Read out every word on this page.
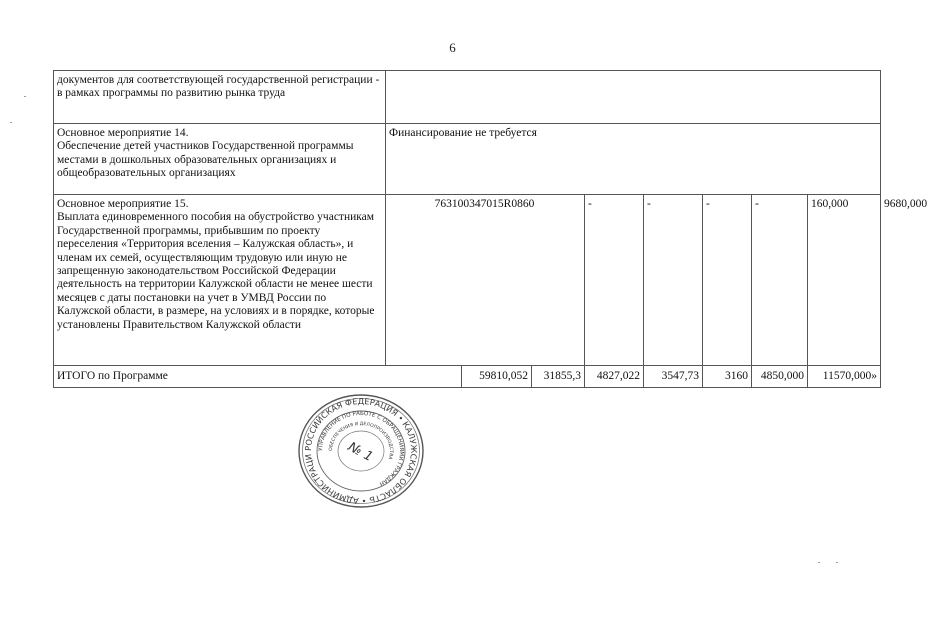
6
документов для соответствующей государственной регистрации - в рамках программы по развитию рынка труда									

Основное мероприятие 14.
Обеспечение детей участников Государственной программы местами в дошкольных образовательных организациях и общеобразовательных организациях	Финансирование не требуется								

Основное мероприятие 15.
Выплата единовременного пособия на обустройство участникам Государственной программы, прибывшим по проекту переселения «Территория вселения – Калужская область», и членам их семей, осуществляющим трудовую или иную не запрещенную законодательством Российской Федерации деятельность на территории Калужской области не менее шести месяцев с даты постановки на учет в УМВД России по Калужской области, в размере, на условиях и в порядке, которые установлены Правительством Калужской области	763100347015R0860			-	-	-	-	160,000	9680,000
ИТОГО по Программе		59810,052	31855,3	4827,022	3547,73	3160	4850,000	11570,000»	
РОССИЙСКАЯ ФЕДЕРАЦИЯ • КАЛУЖСКАЯ ОБЛАСТЬ • АДМИНИСТРАЦИ
УПРАВЛЕНИЕ ПО РАБОТЕ С ОБРАЩЕНИЯМИ ГРАЖДАН
ОБЕСПЕЧЕНИЯ И ДЕЛОПРОИЗВОДСТВА
№ 1
